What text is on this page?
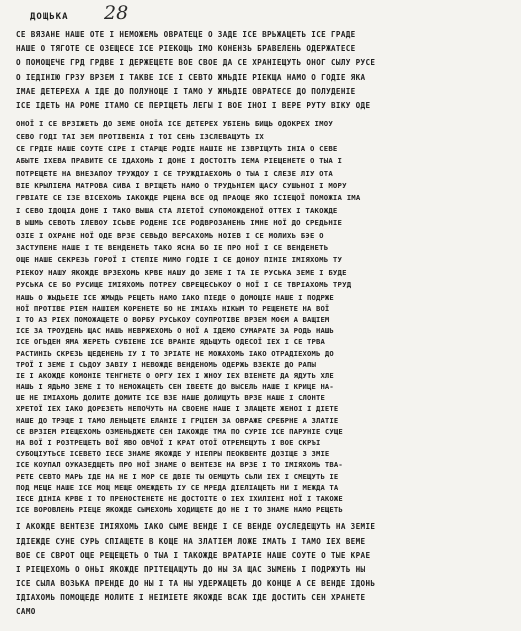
ДОЩЬКА 28
СЕ ВЯЗАНЕ НАШЕ ОТЕ І НЕМОЖЕМЬ ОВРАТЕЦЕ О ЗАДЕ ІСЕ ВРЬЖАЩЕТЬ ІСЕ ГРАДЕ
НАШЕ О ТЯГОТЕ СЕ ОЗЕЩЕСЕ ІСЕ РІЕКОЩЬ ІМО КОНЕНЗЬ БРАВЕЛЕНЬ ОДЕРЖАТЕСЕ
О ПОМОЩЕЧЕ ГРД ГРДВЕ І ДЕРЖЕЩЕТЕ ВОЕ СВОЕ ДА СЕ ХРАНІЕЩУТЬ ОНОГ СЫЛУ РУСЕ
О ІЕДІНІЮ ГРЗУ ВРЗЕМ І ТАКВЕ ІСЕ І СЕВТО ЖМЬДІЕ РІЕКЩА НАМО О ГОДІЕ ЯКА
ІМАЕ ДЕТЕРЕХА А ІДЕ ДО ПОЛУНОЩЕ І ТАМО У ЖМЬДІЕ ОВРАТЕСЕ ДО ПОЛУДЕНІЕ
ІСЕ ІДЕТЬ НА РОМЕ ІТАМО СЕ ПЕРІЩЕТЬ ЛЕГЫ І ВОЕ ІНОІ І ВЕРЕ РУТУ ВІКУ ОДЕ
ОНОЇ І СЕ ВРЗІЖЕТЬ ДО ЗЕМЕ ОНОЇА ІСЕ ДЕТЕРЕХ УБІЕНЬ БИЩЬ ОДОКРЕХ ІМОУ
СЕВО ГОДІ ТАІ ЗЕМ ПРОТІВЕНІА І ТОІ СЕНЬ ІЗСЛЕВАЩУТЬ ІХ
СЕ ГРДІЕ НАШЕ СОУТЕ СІРЕ І СТАРЩЕ РОДІЕ НАШІЕ НЕ ІЗВРІЩУТЬ ІНІА О СЕВЕ
АБЫТЕ ІХЕВА ПРАВИТЕ СЕ ІДАХОМЬ І ДОНЕ І ДОСТОІТЬ ІЕМА РІЕЩЕНЕТЕ О ТЫА І
ПОТРЕЩЕТЕ НА ВНЕЗАПОУ ТРУЖДОУ І СЕ ТРУЖДІАЕХОМЬ О ТЫА І СЛЕЗЕ ЛІУ ОТА
ВІЕ КРЫЛІЕМА МАТРОВА СИВА І ВРІЩЕТЬ НАМО О ТРУДЬНІЕМ ЩАСУ СУШЬНОІ І МОРУ
ГРВІАТЕ СЕ ІЗЕ ВІСЕХОМЬ ІАКОЖДЕ РЩЕНА ВСЕ ОД ПРАОЩЕ ЯКО ІСІЕЩОЇ ПОМОЖІА ІМА
І СЕВО ІДОЩІА ДОНЕ І ТАКО ВЫША СТА ЛІЕТОЇ СУПОМОЖДЕНОЇ ОТТЕХ І ТАКОЖДЕ
В ЫШМЬ СЕВОТЬ ІЛЕВОУ ІСЬВЕ РОДЕНЕ ІСЕ РОДВРОЗАНЕНЬ ІМНЕ НОЇ ДО СРЕДЬНІЕ
ОЗІЕ І ОХРАНЕ НОЇ ОДЕ ВРЗЕ СЕВЬДО ВЕРСАХОМЬ НОІЕВ І СЕ МОЛИХЬ БЭЕ О
ЗАСТУПЕНЕ НАШЕ І ТЕ ВЕНДЕНЕТЬ ТАКО ЯСНА БО ІЕ ПРО НОЇ І СЕ ВЕНДЕНЕТЬ
ОЩЕ НАШЕ СЕКРЕЗЬ ГОРОЇ І СТЕПІЕ МИМО ГОДІЕ І СЕ ДОНОУ ПІНІЕ ІМІЯХОМЬ ТУ
РІЕКОУ НАШУ ЯКОЖДЕ ВРЗЕХОМЬ КРВЕ НАШУ ДО ЗЕМЕ І ТА ІЕ РУСЬКА ЗЕМЕ І БУДЕ
РУСЬКА СЕ БО РУСИЩЕ ІМІЯХОМЬ ПОТРЕУ СВРЕЩЕСЬКОУ О НОЇ І СЕ ТВРІАХОМЬ ТРУД
НАШЬ О ЖЫДЬЕІЕ ІСЕ ЖМЫДЬ РЕЩЕТЬ НАМО ІАКО ПІЕДЕ О ДОМОЩІЕ НАШЕ І ПОДРЖЕ
НОЇ ПРОТІВЕ РІЕМ НАШІЕМ КОРЕНЕТЕ БО НЕ ІМІАХЬ НІКЫМ ТО РЕЩЕНЕТЕ НА ВОЇ
І ТО АЗ РІЕХ ПОМОЖАЩЕТЕ О ВОРБУ РУСЬКОУ СОУПРОТІВЕ ВРЗЕМ МОЄМ А ВАЩІЕМ
ІСЕ ЗА ТРОУДЕНЬ ЩАС НАШЬ НЕВРЖЕХОМЬ О НОЇ А ІДЕМО СУМАРАТЕ ЗА РОДЬ НАШЬ
ІСЕ ОГЬДЕН ЯМА ЖЕРЕТЬ СУБІЕНЕ ІСЕ ВРАНІЕ ЯДЬЩУТЬ ОДЕСОЇ ІЕХ І СЕ ТРВА
РАСТИНІЬ СКРЕЗЬ ЩЕДЕНЕНЬ ІУ І ТО ЗРІАТЕ НЕ МОЖАХОМЬ ІАКО ОТРАДІЕХОМЬ ДО
ТРОЇ І ЗЕМЕ І СЬДОУ ЗАВІУ І НЕВОЖДЕ ВЕНДЕНОМЬ ОДЕРЖЬ ВЗЕКІЕ ДО РАПЫ
ІЕ І АКОЖДЕ КОМОНІЕ ТЕНГНЕТЕ О ОРГУ ІЕХ І ЖНОУ ІЕХ ВІЕНЕТЕ ДА ЯДУТЬ ХЛЕ
НАШЬ І ЯДЬМО ЗЕМЕ І ТО НЕМОЖАЩЕТЬ СЕН ІВЕЕТЕ ДО ВЫСЕЛЬ НАШЕ І КРИЦЕ НА-
ШЕ НЕ ІМІАХОМЬ ДОЛИТЕ ДОМИТЕ ІСЕ ВЗЕ НАШЕ ДОЛИЩУТЬ ВРЗЕ НАШЕ І СЛОНТЕ
ХРЕТОЇ ІЕХ ІАКО ДОРЕЗЕТЬ НЕПОЧУТЬ НА СВОЕНЕ НАШЕ І ЗЛАЩЕТЕ ЖЕНОІ І ДІЕТЕ
НАШЕ ДО ТРЭЩЕ І ТАМО ЛЕНЬЩЕТЕ ЕЛАНІЕ І ГРЦІЕМ ЗА ОВРАЖЕ СРЕБРНЕ А ЗЛАТІЕ
СЕ ВРЗІЕМ РІЕЩЕХОМЬ ОЗМЕНЬДЖЕТЕ СЕН ІАКОЖДЕ ТМА ПО СУРІЕ ІСЕ ПАРУНІЕ СУЩЕ
НА ВОЇ І РОЗТРЕЩЕТЬ ВОЇ ЯВО ОВЧОЇ І КРАТ ОТОЇ ОТРЕМЕЩУТЬ І ВОЕ СКРЪІ
СУБОЩІУТЬСЕ ІСЕВЕТО ІЕСЕ ЗНАМЕ ЯКОЖДЕ У НІЕПРЫ ПЕОКВЕНТЕ ДОЗІЩЕ З ЗМІЕ
ІСЕ КОУПАЛ ОУКАЗЕДЩЕТЬ ПРО НОЇ ЗНАМЕ О ВЕНТЕЗЕ НА ВРЗЕ І ТО ІМІЯХОМЬ ТВА-
РЕТЕ СЕВТО МАРЬ ІДЕ НА НЕ І МОР СЕ ДВІЕ ТЫ ОЕМЩУТЬ СЬЛИ ІЕХ І СМЕЩУТЬ ІЕ
ПОД МЕЩЕ НАШЕ ІСЕ МОЩ МЕЩЕ ОМЕЖДЕТЬ ІУ СЕ МРЕДА ДІЕЛІАЩЕТЬ НИ І МЕЖДА ТА
ІЕСЕ ДІНІА КРВЕ І ТО ПРЕНОСТЕНЕТЕ НЕ ДОСТОІТЕ О ІЕХ ІХИЛІЕНІ НОЇ І ТАКОЖЕ
ІСЕ ВОРОВЛЕНЬ РІЕЦЕ ЯКОЖДЕ СЫМЕХОМЬ ХОДИЩЕТЕ ДО НЕ І ТО ЗНАМЕ НАМО РЕЩЕТЬ
І АКОЖДЕ ВЕНТЕЗЕ ІМІЯХОМЬ ІАКО СЫМЕ ВЕНДЕ І СЕ ВЕНДЕ ОУСЛЕДЕЩУТЬ НА ЗЕМІЕ
ІДІЕЖДЕ СУНЕ СУРЬ СПІАЩЕТЕ В КОЩЕ НА ЗЛАТІЕМ ЛОЖЕ ІМАТЬ І ТАМО ІЕХ ВЕМЕ
ВОЕ СЕ СВРОТ ОЩЕ РЕЩЕЩЕТЬ О ТЫА І ТАКОЖДЕ ВРАТАРІЕ НАШЕ СОУТЕ О ТЫЕ КРАЕ
І РІЕЩЕХОМЬ О ОНЬІ ЯКОЖДЕ ПРІТЕЩАЩУТЬ ДО НЫ ЗА ЩАС ЗЫМЕНЬ І ПОДРЖУТЬ НЫ
ІСЕ СЫЛА ВОЗЬКА ПРЕНДЕ ДО НЫ І ТА НЫ УДЕРЖАЩЕТЬ ДО КОНЩЕ А СЕ ВЕНДЕ ІДОНЬ
ІДІАХОМЬ ПОМОЩЕДЕ МОЛИТЕ І НЕІМІЕТЕ ЯКОЖДЕ ВСАК ІДЕ ДОСТИТЬ СЕН ХРАНЕТЕ
САМО
